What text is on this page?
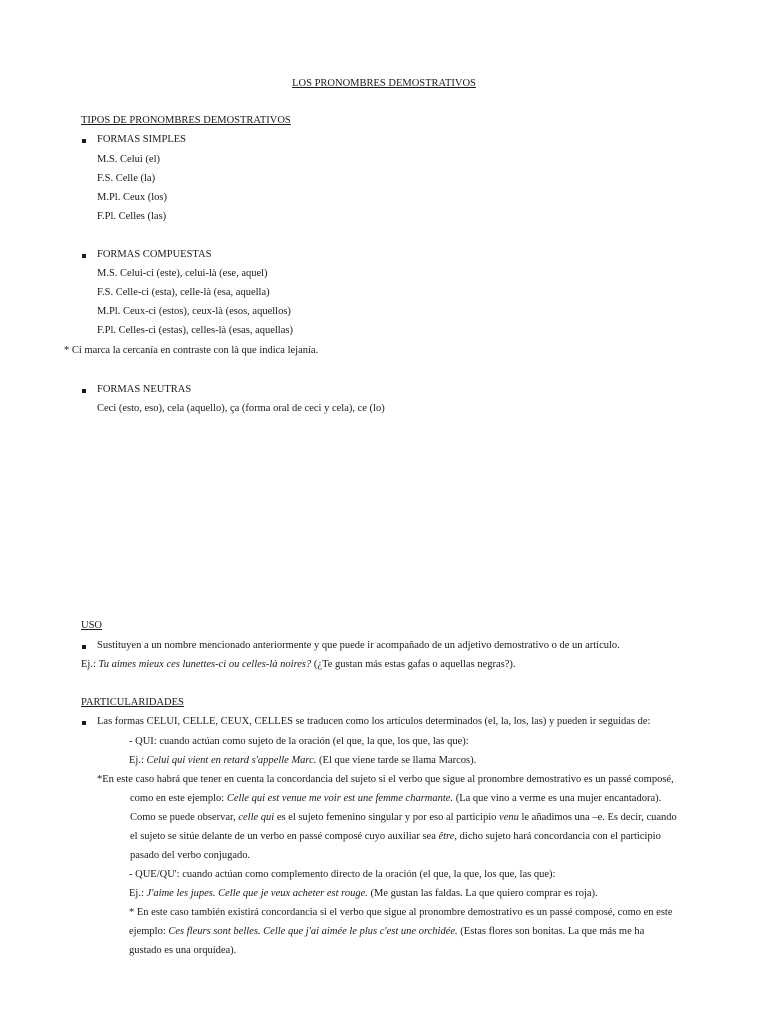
LOS PRONOMBRES DEMOSTRATIVOS
TIPOS DE PRONOMBRES DEMOSTRATIVOS
FORMAS SIMPLES
M.S. Celui (el)
F.S. Celle (la)
M.Pl. Ceux (los)
F.Pl. Celles (las)
FORMAS COMPUESTAS
M.S. Celui-ci (este), celui-là (ese, aquel)
F.S. Celle-ci (esta), celle-là (esa, aquella)
M.Pl. Ceux-ci (estos), ceux-là (esos, aquellos)
F.Pl. Celles-ci (estas), celles-là (esas, aquellas)
* Ci marca la cercanía en contraste con là que indica lejanía.
FORMAS NEUTRAS
Ceci (esto, eso), cela (aquello), ça (forma oral de ceci y cela), ce (lo)
USO
Sustituyen a un nombre mencionado anteriormente y que puede ir acompañado de un adjetivo demostrativo o de un artículo.
Ej.: Tu aimes mieux ces lunettes-ci ou celles-là noires? (¿Te gustan más estas gafas o aquellas negras?).
PARTICULARIDADES
Las formas CELUI, CELLE, CEUX, CELLES se traducen como los artículos determinados (el, la, los, las) y pueden ir seguidas de:
- QUI: cuando actúan como sujeto de la oración (el que, la que, los que, las que):
Ej.: Celui qui vient en retard s'appelle Marc. (El que viene tarde se llama Marcos).
*En este caso habrá que tener en cuenta la concordancia del sujeto si el verbo que sigue al pronombre demostrativo es un passé composé,
como en este ejemplo: Celle qui est venue me voir est une femme charmante. (La que vino a verme es una mujer encantadora).
Como se puede observar, celle qui es el sujeto femenino singular y por eso al participio venu le añadimos una –e. Es decir, cuando
el sujeto se sitúe delante de un verbo en passé composé cuyo auxiliar sea être, dicho sujeto hará concordancia con el participio
pasado del verbo conjugado.
- QUE/QU': cuando actúan como complemento directo de la oración (el que, la que, los que, las que):
Ej.: J'aime les jupes. Celle que je veux acheter est rouge. (Me gustan las faldas. La que quiero comprar es roja).
* En este caso también existirá concordancia si el verbo que sigue al pronombre demostrativo es un passé composé, como en este
ejemplo: Ces fleurs sont belles. Celle que j'ai aimée le plus c'est une orchidée. (Estas flores son bonitas. La que más me ha
gustado es una orquídea).
